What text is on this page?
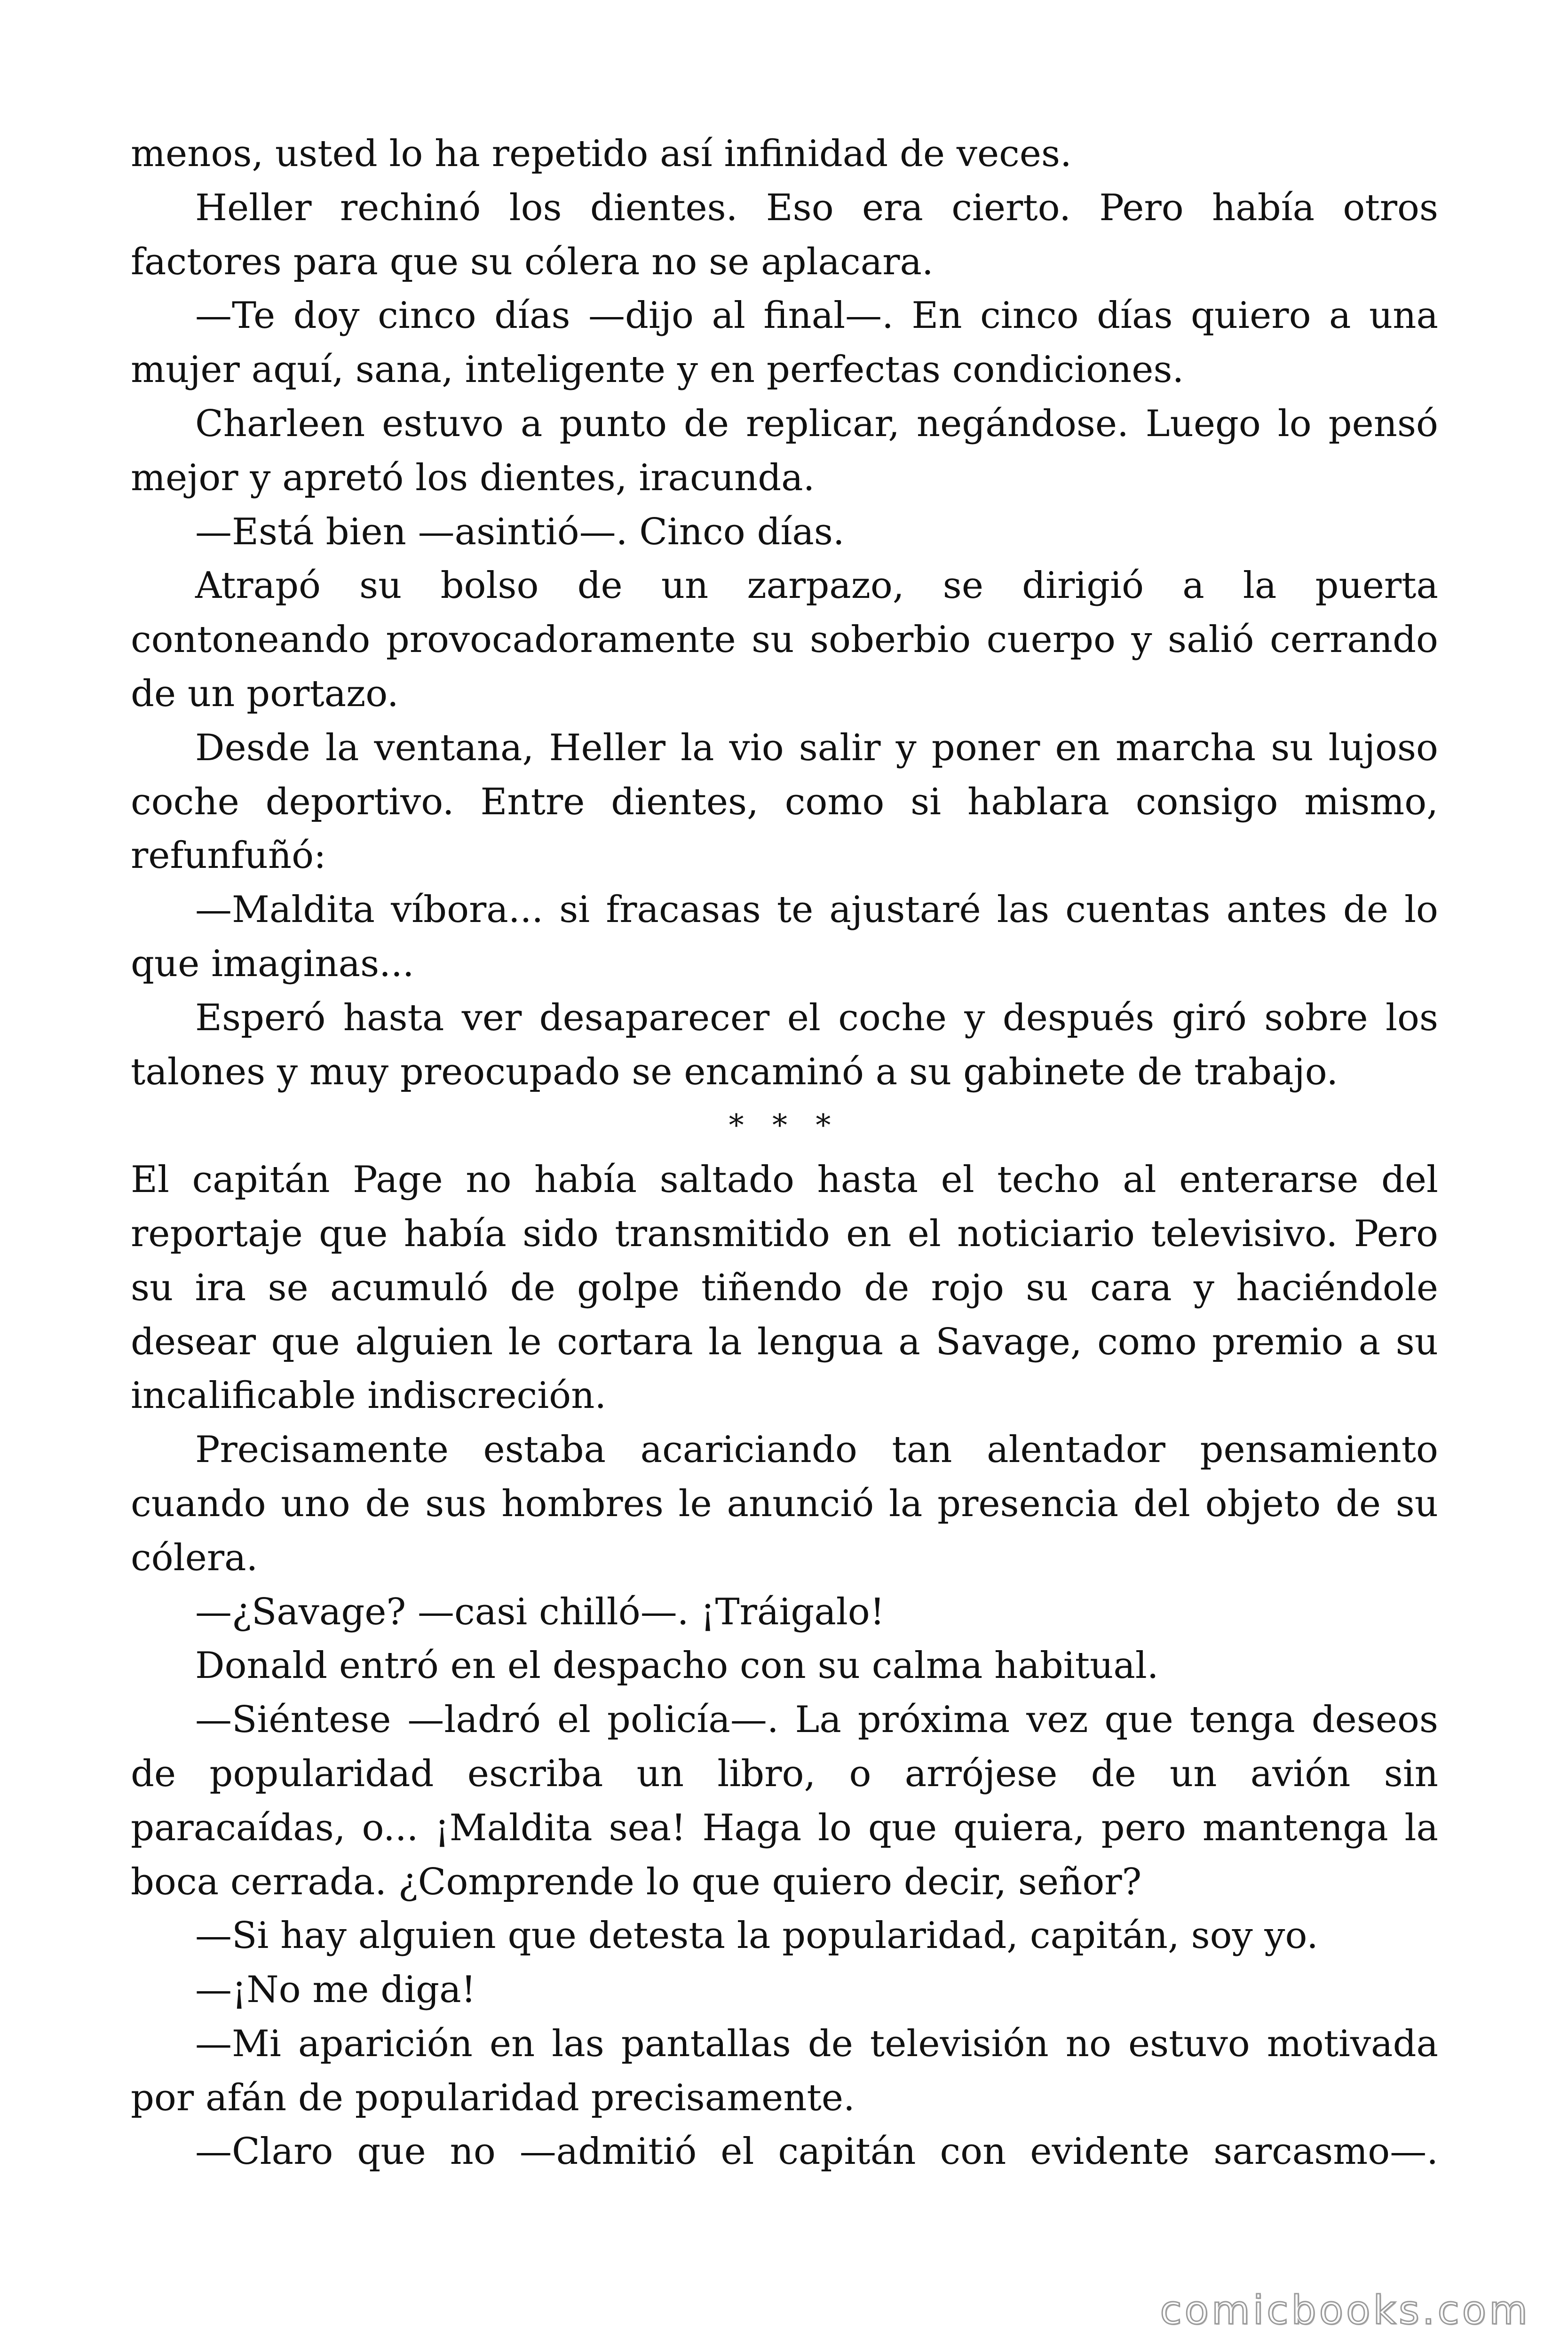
menos, usted lo ha repetido así infinidad de veces.
Heller rechinó los dientes. Eso era cierto. Pero había otros
factores para que su cólera no se aplacara.
—Te doy cinco días —dijo al final—. En cinco días quiero a una
mujer aquí, sana, inteligente y en perfectas condiciones.
Charleen estuvo a punto de replicar, negándose. Luego lo pensó
mejor y apretó los dientes, iracunda.
—Está bien —asintió—. Cinco días.
Atrapó su bolso de un zarpazo, se dirigió a la puerta
contoneando provocadoramente su soberbio cuerpo y salió cerrando
de un portazo.
Desde la ventana, Heller la vio salir y poner en marcha su lujoso
coche deportivo. Entre dientes, como si hablara consigo mismo,
refunfuñó:
—Maldita víbora... si fracasas te ajustaré las cuentas antes de lo
que imaginas...
Esperó hasta ver desaparecer el coche y después giró sobre los
talones y muy preocupado se encaminó a su gabinete de trabajo.
* * *
El capitán Page no había saltado hasta el techo al enterarse del
reportaje que había sido transmitido en el noticiario televisivo. Pero
su ira se acumuló de golpe tiñendo de rojo su cara y haciéndole
desear que alguien le cortara la lengua a Savage, como premio a su
incalificable indiscreción.
Precisamente estaba acariciando tan alentador pensamiento
cuando uno de sus hombres le anunció la presencia del objeto de su
cólera.
—¿Savage? —casi chilló—. ¡Tráigalo!
Donald entró en el despacho con su calma habitual.
—Siéntese —ladró el policía—. La próxima vez que tenga deseos
de popularidad escriba un libro, o arrójese de un avión sin
paracaídas, o... ¡Maldita sea! Haga lo que quiera, pero mantenga la
boca cerrada. ¿Comprende lo que quiero decir, señor?
—Si hay alguien que detesta la popularidad, capitán, soy yo.
—¡No me diga!
—Mi aparición en las pantallas de televisión no estuvo motivada
por afán de popularidad precisamente.
—Claro que no —admitió el capitán con evidente sarcasmo—.
comicbooks.com
